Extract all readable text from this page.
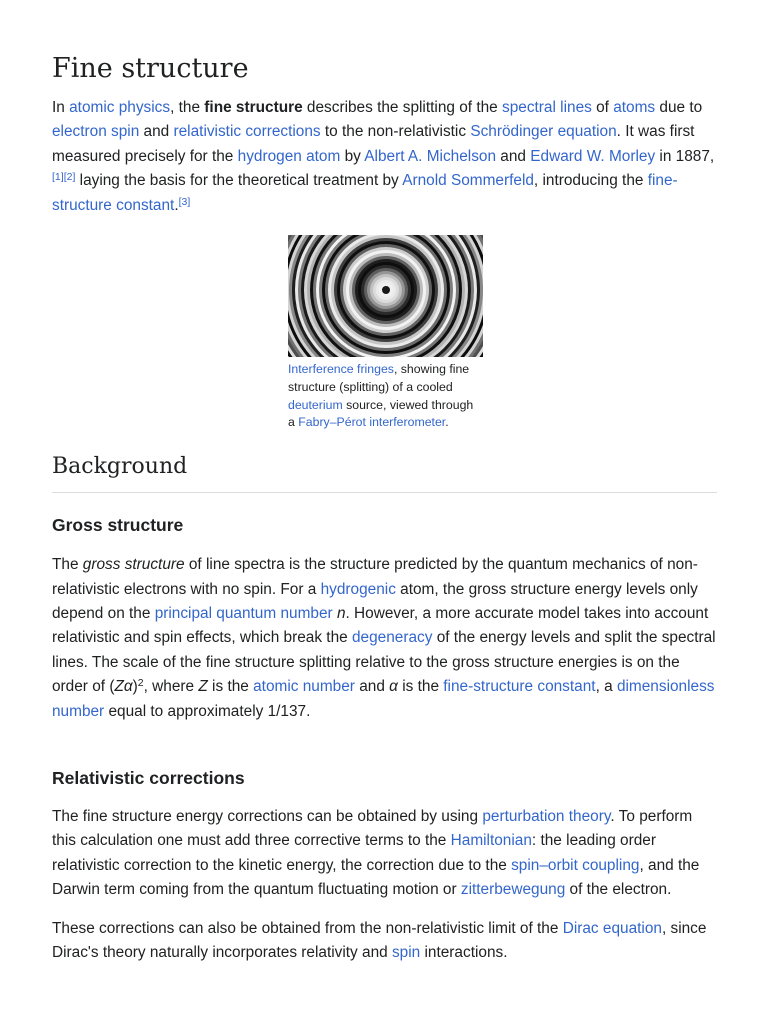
Fine structure

In atomic physics, the fine structure describes the splitting of the spectral lines of atoms due to electron spin and relativistic corrections to the non-relativistic Schrödinger equation. It was first measured precisely for the hydrogen atom by Albert A. Michelson and Edward W. Morley in 1887,[1][2] laying the basis for the theoretical treatment by Arnold Sommerfeld, introducing the fine-structure constant.[3]

Interference fringes, showing fine structure (splitting) of a cooled deuterium source, viewed through a Fabry–Pérot interferometer.
Background
Gross structure

The gross structure of line spectra is the structure predicted by the quantum mechanics of non-relativistic electrons with no spin. For a hydrogenic atom, the gross structure energy levels only depend on the principal quantum number n. However, a more accurate model takes into account relativistic and spin effects, which break the degeneracy of the energy levels and split the spectral lines. The scale of the fine structure splitting relative to the gross structure energies is on the order of $(Z\alpha)^2$, where Z is the atomic number and α is the fine-structure constant, a dimensionless number equal to approximately 1/137.

Relativistic corrections

The fine structure energy corrections can be obtained by using perturbation theory. To perform this calculation one must add three corrective terms to the Hamiltonian: the leading order relativistic correction to the kinetic energy, the correction due to the spin–orbit coupling, and the Darwin term coming from the quantum fluctuating motion or zitterbewegung of the electron.

These corrections can also be obtained from the non-relativistic limit of the Dirac equation, since Dirac's theory naturally incorporates relativity and spin interactions.
